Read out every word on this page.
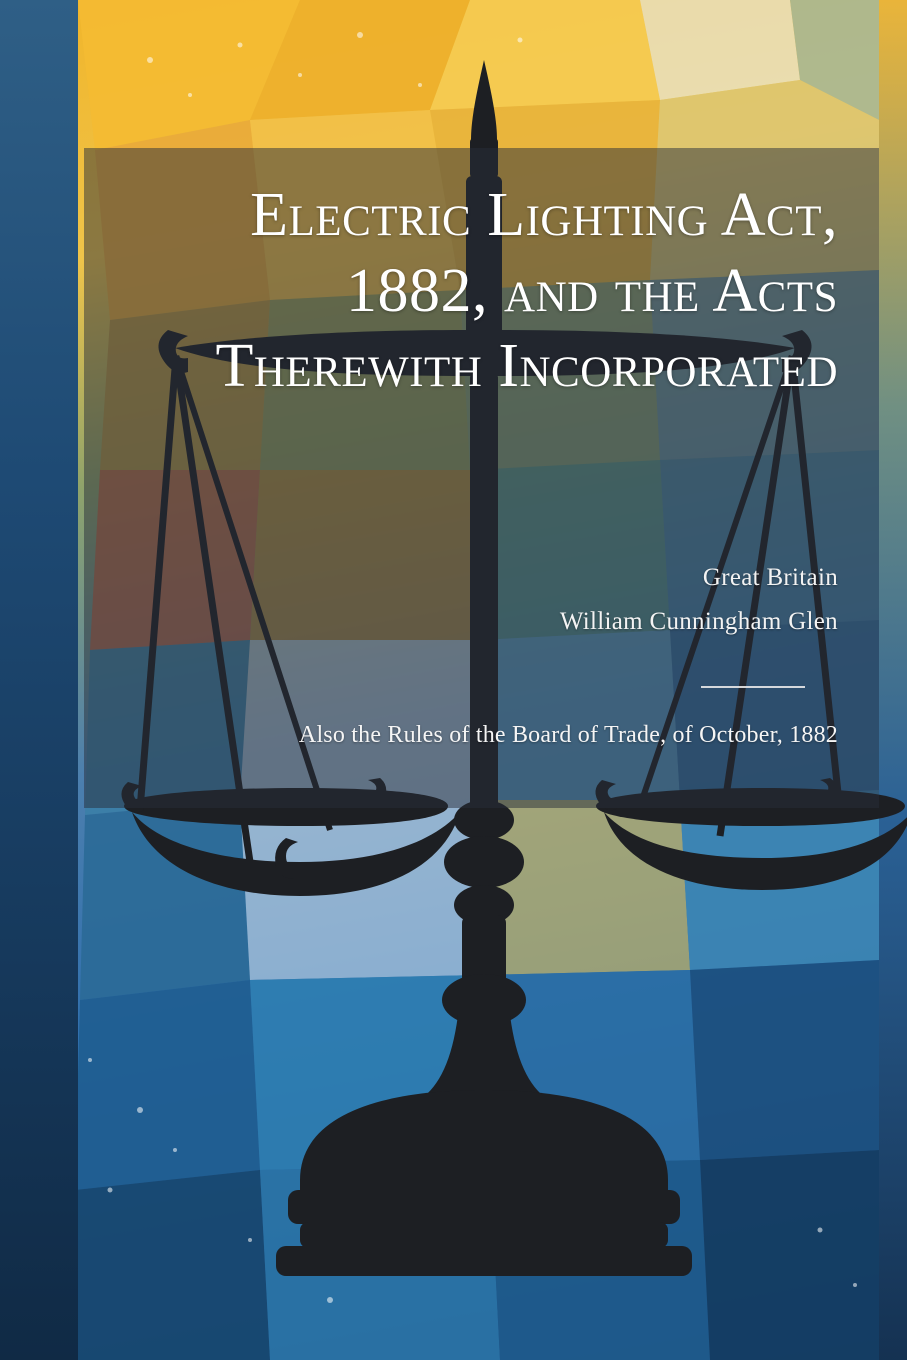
Electric Lighting Act, 1882, and the Acts Therewith Incorporated
Great Britain
William Cunningham Glen
Also the Rules of the Board of Trade, of October, 1882
